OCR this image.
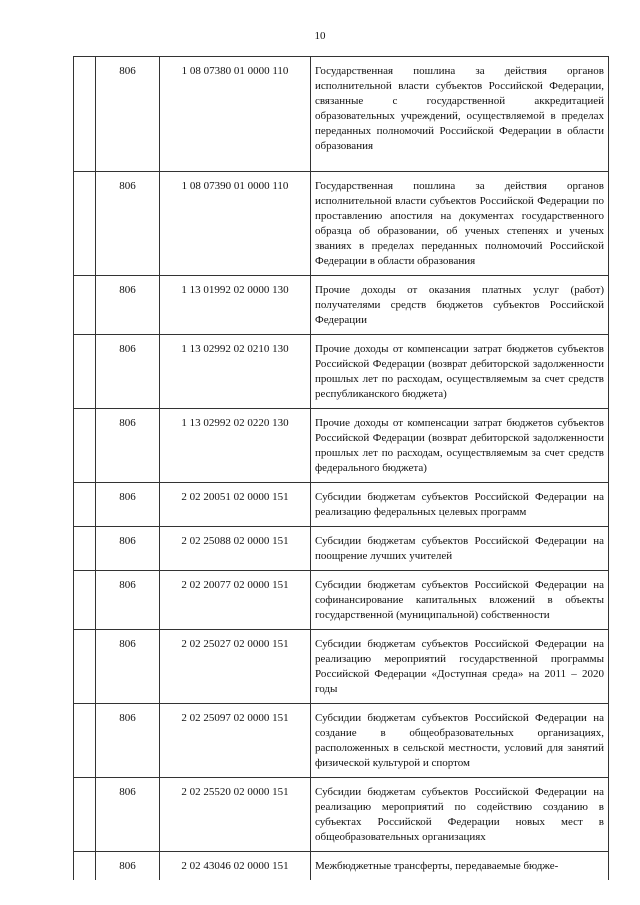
10
	806	1 08 07380 01 0000 110	Государственная пошлина за действия органов исполнительной власти субъектов Российской Федерации, связанные с государственной аккредитацией образовательных учреждений, осуществляемой в пределах переданных полномочий Российской Федерации в области образования
	806	1 08 07390 01 0000 110	Государственная пошлина за действия органов исполнительной власти субъектов Российской Федерации по проставлению апостиля на документах государственного образца об образовании, об ученых степенях и ученых званиях в пределах переданных полномочий Российской Федерации в области образования
	806	1 13 01992 02 0000 130	Прочие доходы от оказания платных услуг (работ) получателями средств бюджетов субъектов Российской Федерации
	806	1 13 02992 02 0210 130	Прочие доходы от компенсации затрат бюджетов субъектов Российской Федерации (возврат дебиторской задолженности прошлых лет по расходам, осуществляемым за счет средств республиканского бюджета)
	806	1 13 02992 02 0220 130	Прочие доходы от компенсации затрат бюджетов субъектов Российской Федерации (возврат дебиторской задолженности прошлых лет по расходам, осуществляемым за счет средств федерального бюджета)
	806	2 02 20051 02 0000 151	Субсидии бюджетам субъектов Российской Федерации на реализацию федеральных целевых программ
	806	2 02 25088 02 0000 151	Субсидии бюджетам субъектов Российской Федерации на поощрение лучших учителей
	806	2 02 20077 02 0000 151	Субсидии бюджетам субъектов Российской Федерации на софинансирование капитальных вложений в объекты государственной (муниципальной) собственности
	806	2 02 25027 02 0000 151	Субсидии бюджетам субъектов Российской Федерации на реализацию мероприятий государственной программы Российской Федерации «Доступная среда» на 2011 – 2020 годы
	806	2 02 25097 02 0000 151	Субсидии бюджетам субъектов Российской Федерации на создание в общеобразовательных организациях, расположенных в сельской местности, условий для занятий физической культурой и спортом
	806	2 02 25520 02 0000 151	Субсидии бюджетам субъектов Российской Федерации на реализацию мероприятий по содействию созданию в субъектах Российской Федерации новых мест в общеобразовательных организациях
	806	2 02 43046 02 0000 151	Межбюджетные трансферты, передаваемые бюдже-
